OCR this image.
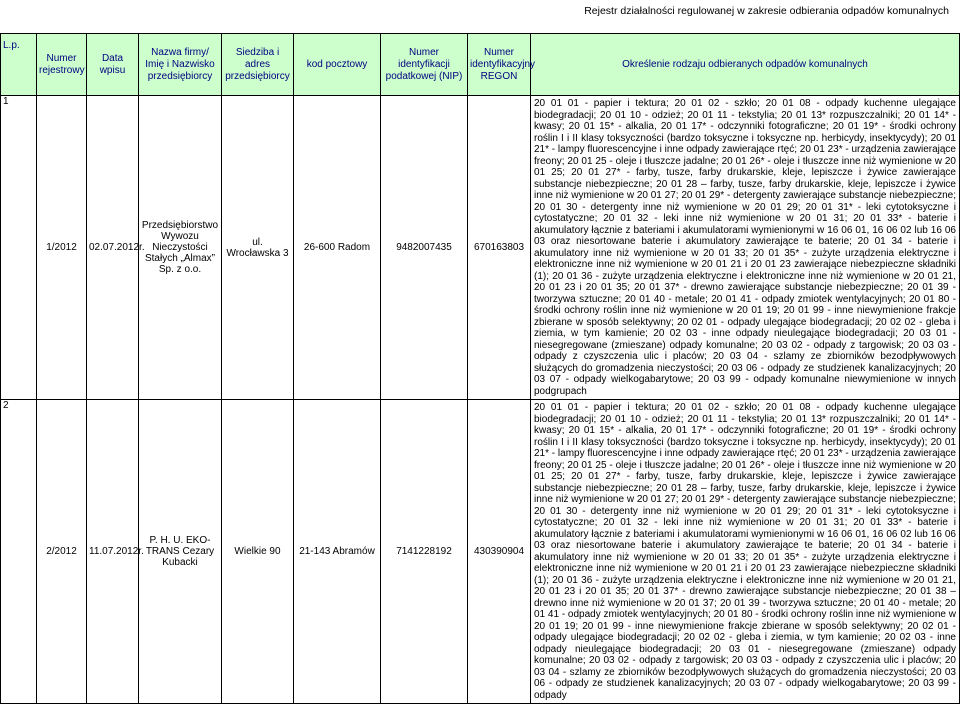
Rejestr działalności regulowanej w zakresie odbierania odpadów komunalnych
L.p.	Numer rejestrowy	Data wpisu	Nazwa firmy/ Imię i Nazwisko przedsiębiorcy	Siedziba i adres przedsiębiorcy	kod pocztowy	Numer identyfikacji podatkowej (NIP)	Numer identyfikacyjny REGON	Określenie rodzaju odbieranych odpadów komunalnych
1	1/2012	02.07.2012r.	Przedsiębiorstwo Wywozu Nieczystości Stałych „Almax” Sp. z o.o.	ul. Wrocławska 3	26-600 Radom	9482007435	670163803	20 01 01 - papier i tektura; 20 01 02 - szkło; 20 01 08 - odpady kuchenne ulegające biodegradacji; 20 01 10 - odzież; 20 01 11 - tekstylia; 20 01 13* rozpuszczalniki; 20 01 14* - kwasy; 20 01 15* - alkalia, 20 01 17* - odczynniki fotograficzne; 20 01 19* - środki ochrony roślin I i II klasy toksyczności (bardzo toksyczne i toksyczne np. herbicydy, insektycydy); 20 01 21* - lampy fluorescencyjne i inne odpady zawierające rtęć; 20 01 23* - urządzenia zawierające freony; 20 01 25 - oleje i tłuszcze jadalne; 20 01 26* - oleje i tłuszcze inne niż wymienione w 20 01 25; 20 01 27* - farby, tusze, farby drukarskie, kleje, lepiszcze i żywice zawierające substancje niebezpieczne; 20 01 28 – farby, tusze, farby drukarskie, kleje, lepiszcze i żywice inne niż wymienione w 20 01 27; 20 01 29* - detergenty zawierające substancje niebezpieczne; 20 01 30 - detergenty inne niż wymienione w 20 01 29; 20 01 31* - leki cytotoksyczne i cytostatyczne; 20 01 32 - leki inne niż wymienione w 20 01 31; 20 01 33* - baterie i akumulatory łącznie z bateriami i akumulatorami wymienionymi w 16 06 01, 16 06 02 lub 16 06 03 oraz niesortowane baterie i akumulatory zawierające te baterie; 20 01 34 - baterie i akumulatory inne niż wymienione w 20 01 33; 20 01 35* - zużyte urządzenia elektryczne i elektroniczne inne niż wymienione w 20 01 21 i 20 01 23 zawierające niebezpieczne składniki (1); 20 01 36 - zużyte urządzenia elektryczne i elektroniczne inne niż wymienione w 20 01 21, 20 01 23 i 20 01 35; 20 01 37* - drewno zawierające substancje niebezpieczne; 20 01 39 - tworzywa sztuczne; 20 01 40 - metale; 20 01 41 - odpady zmiotek wentylacyjnych; 20 01 80 - środki ochrony roślin inne niż wymienione w 20 01 19; 20 01 99 - inne niewymienione frakcje zbierane w sposób selektywny; 20 02 01 - odpady ulegające biodegradacji; 20 02 02 - gleba i ziemia, w tym kamienie; 20 02 03 - inne odpady nieulegające biodegradacji; 20 03 01 - niesegregowane (zmieszane) odpady komunalne; 20 03 02 - odpady z targowisk; 20 03 03 - odpady z czyszczenia ulic i placów; 20 03 04 - szlamy ze zbiorników bezodpływowych służących do gromadzenia nieczystości; 20 03 06 - odpady ze studzienek kanalizacyjnych; 20 03 07 - odpady wielkogabarytowe; 20 03 99 - odpady komunalne niewymienione w innych podgrupach
2	2/2012	11.07.2012r.	P. H. U. EKO-TRANS Cezary Kubacki	Wielkie 90	21-143 Abramów	7141228192	430390904	20 01 01 - papier i tektura; 20 01 02 - szkło; 20 01 08 - odpady kuchenne ulegające biodegradacji; 20 01 10 - odzież; 20 01 11 - tekstylia; 20 01 13* rozpuszczalniki; 20 01 14* - kwasy; 20 01 15* - alkalia, 20 01 17* - odczynniki fotograficzne; 20 01 19* - środki ochrony roślin I i II klasy toksyczności (bardzo toksyczne i toksyczne np. herbicydy, insektycydy); 20 01 21* - lampy fluorescencyjne i inne odpady zawierające rtęć; 20 01 23* - urządzenia zawierające freony; 20 01 25 - oleje i tłuszcze jadalne; 20 01 26* - oleje i tłuszcze inne niż wymienione w 20 01 25; 20 01 27* - farby, tusze, farby drukarskie, kleje, lepiszcze i żywice zawierające substancje niebezpieczne; 20 01 28 – farby, tusze, farby drukarskie, kleje, lepiszcze i żywice inne niż wymienione w 20 01 27; 20 01 29* - detergenty zawierające substancje niebezpieczne; 20 01 30 - detergenty inne niż wymienione w 20 01 29; 20 01 31* - leki cytotoksyczne i cytostatyczne; 20 01 32 - leki inne niż wymienione w 20 01 31; 20 01 33* - baterie i akumulatory łącznie z bateriami i akumulatorami wymienionymi w 16 06 01, 16 06 02 lub 16 06 03 oraz niesortowane baterie i akumulatory zawierające te baterie; 20 01 34 - baterie i akumulatory inne niż wymienione w 20 01 33; 20 01 35* - zużyte urządzenia elektryczne i elektroniczne inne niż wymienione w 20 01 21 i 20 01 23 zawierające niebezpieczne składniki (1); 20 01 36 - zużyte urządzenia elektryczne i elektroniczne inne niż wymienione w 20 01 21, 20 01 23 i 20 01 35; 20 01 37* - drewno zawierające substancje niebezpieczne; 20 01 38 – drewno inne niż wymienione w 20 01 37; 20 01 39 - tworzywa sztuczne; 20 01 40 - metale; 20 01 41 - odpady zmiotek wentylacyjnych; 20 01 80 - środki ochrony roślin inne niż wymienione w 20 01 19; 20 01 99 - inne niewymienione frakcje zbierane w sposób selektywny; 20 02 01 - odpady ulegające biodegradacji; 20 02 02 - gleba i ziemia, w tym kamienie; 20 02 03 - inne odpady nieulegające biodegradacji; 20 03 01 - niesegregowane (zmieszane) odpady komunalne; 20 03 02 - odpady z targowisk; 20 03 03 - odpady z czyszczenia ulic i placów; 20 03 04 - szlamy ze zbiorników bezodpływowych służących do gromadzenia nieczystości; 20 03 06 - odpady ze studzienek kanalizacyjnych; 20 03 07 - odpady wielkogabarytowe; 20 03 99 - odpady
